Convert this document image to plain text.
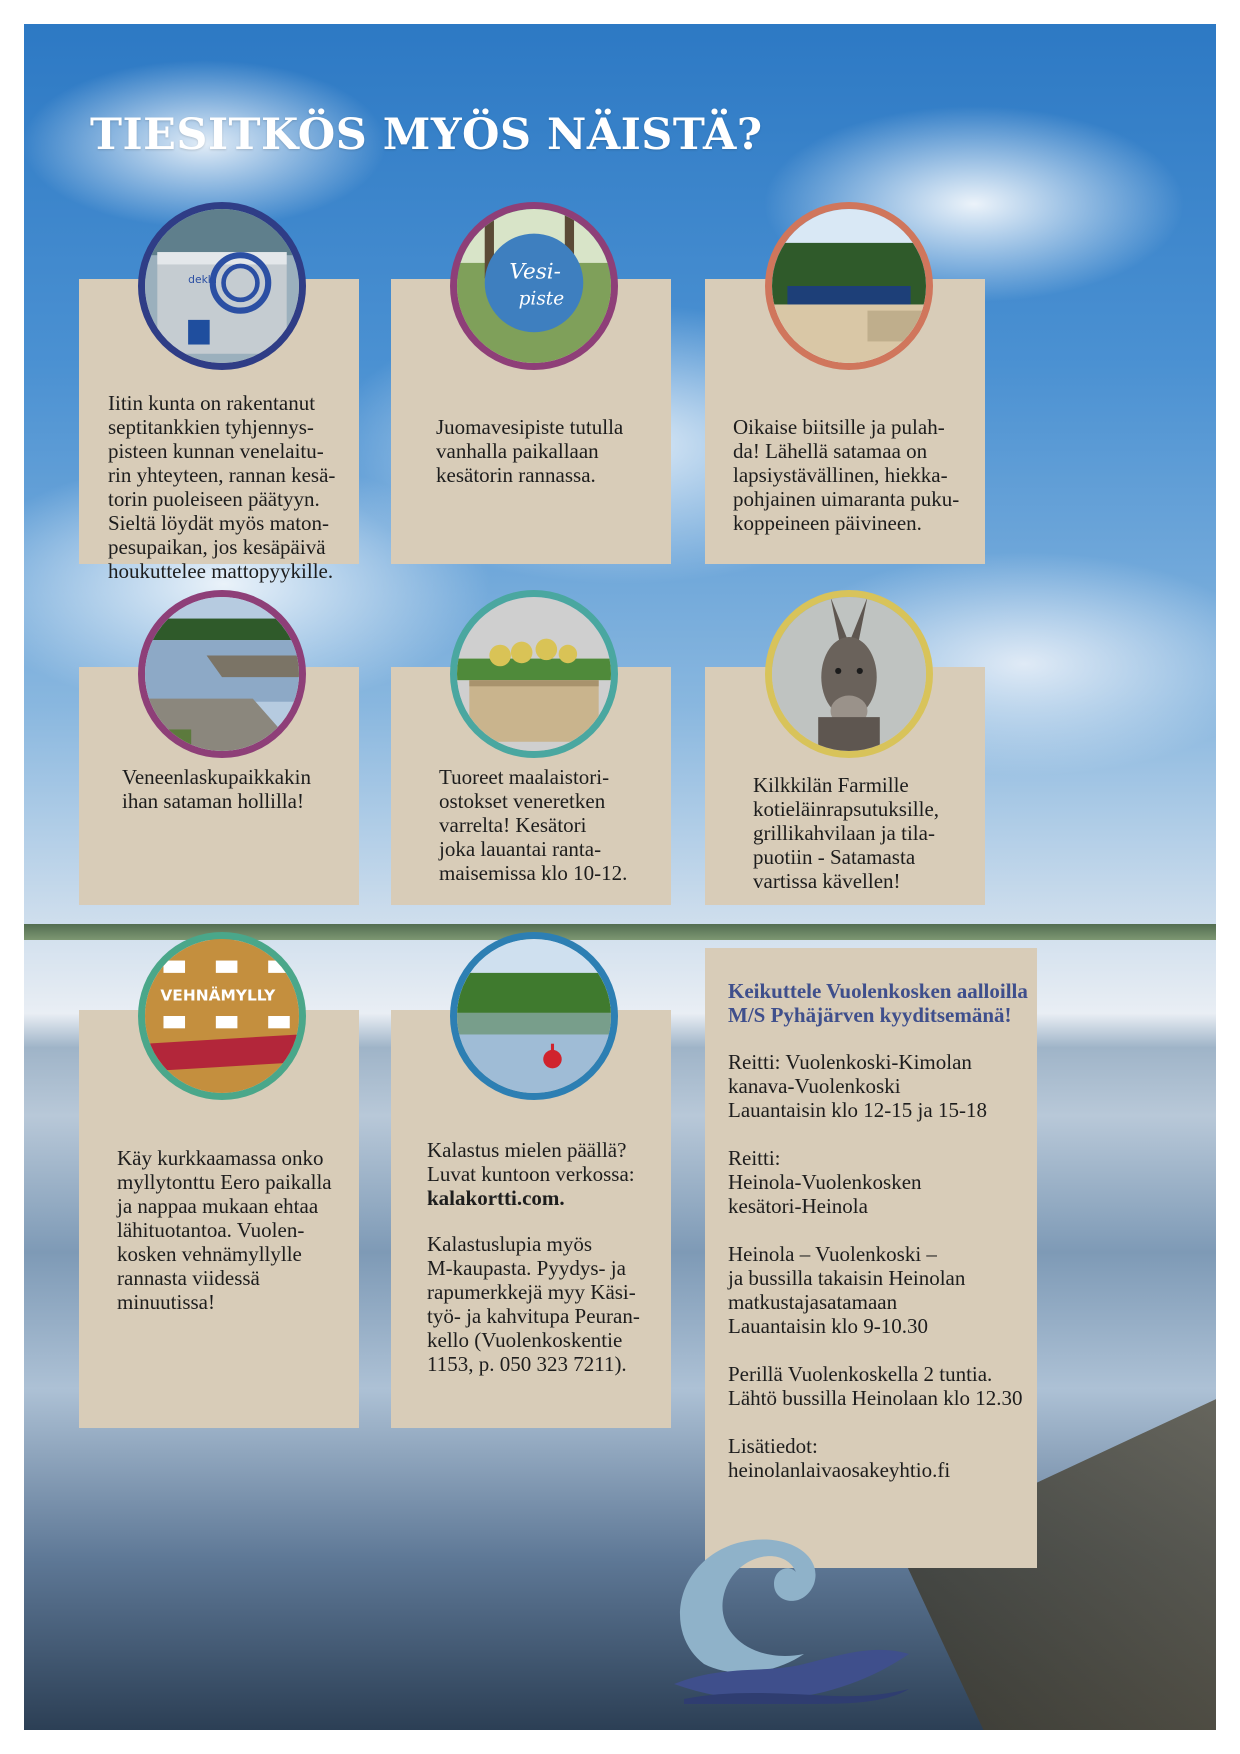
TIESITKÖS MYÖS NÄISTÄ?

Iitin kunta on rakentanut
septitankkien tyhjennys-
pisteen kunnan venelaitu-
rin yhteyteen, rannan kesä-
torin puoleiseen päätyyn.
Sieltä löydät myös maton-
pesupaikan, jos kesäpäivä
houkuttelee mattopyykille.

dekki

Juomavesipiste tutulla
vanhalla paikallaan
kesätorin rannassa.

Vesi-
piste

Oikaise biitsille ja pulah-
da! Lähellä satamaa on
lapsiystävällinen, hiekka-
pohjainen uimaranta puku-
koppeineen päivineen.

Veneenlaskupaikkakin
ihan sataman hollilla!

Tuoreet maalaistori-
ostokset veneretken
varrelta! Kesätori
joka lauantai ranta-
maisemissa klo 10-12.

Kilkkilän Farmille
kotieläinrapsutuksille,
grillikahvilaan ja tila-
puotiin - Satamasta
vartissa kävellen!

Käy kurkkaamassa onko
myllytonttu Eero paikalla
ja nappaa mukaan ehtaa
lähituotantoa. Vuolen-
kosken vehnämyllylle
rannasta viidessä
minuutissa!

VEHNÄMYLLY

Kalastus mielen päällä?
Luvat kuntoon verkossa:

kalakortti.com.

Kalastuslupia myös
M-kaupasta. Pyydys- ja
rapumerkkejä myy Käsi-
työ- ja kahvitupa Peuran-
kello (Vuolenkoskentie
1153, p. 050 323 7211).

Keikuttele Vuolenkosken aalloilla
M/S Pyhäjärven kyyditsemänä!

Reitti: Vuolenkoski-Kimolan
kanava-Vuolenkoski
Lauantaisin klo 12-15 ja 15-18

Reitti:
Heinola-Vuolenkosken
kesätori-Heinola

Heinola – Vuolenkoski –
ja bussilla takaisin Heinolan
matkustajasatamaan
Lauantaisin klo 9-10.30

Perillä Vuolenkoskella 2 tuntia.
Lähtö bussilla Heinolaan klo 12.30

Lisätiedot:
heinolanlaivaosakeyhtio.fi
